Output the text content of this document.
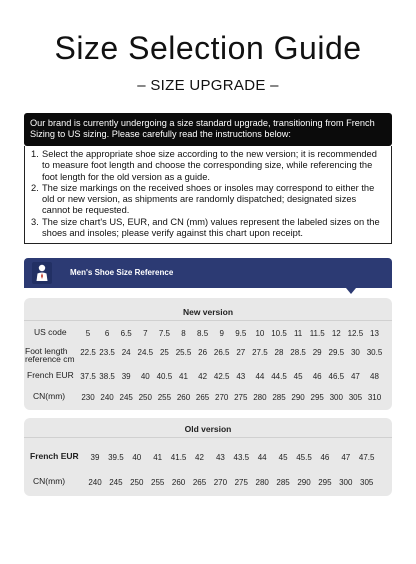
Size Selection Guide
– SIZE UPGRADE –
Our brand is currently undergoing a size standard upgrade, transitioning from French Sizing to US sizing. Please carefully read the instructions below:
1. Select the appropriate shoe size according to the new version; it is recommended to measure foot length and choose the corresponding size, while referencing the foot length for the old version as a guide.
2. The size markings on the received shoes or insoles may correspond to either the old or new version, as shipments are randomly dispatched; designated sizes cannot be requested.
3. The size chart's US, EUR, and CN (mm) values represent the labeled sizes on the shoes and insoles; please verify against this chart upon receipt.
Men's Shoe Size Reference
New version
US code	5	6	6.5	7	7.5	8	8.5	9	9.5	10 10.5 11 11.5 12 12.5 13
Foot length reference cm
22.5 23.5 24 24.5 25 25.5 26 26.5 27 27.5 28 28.5 29 29.5 30 30.5
French EUR 37.5 38.5 39	40 40.5 41	42 42.5 43	44 44.5 45	46 46.5 47	48
CN(mm) 230 240 245 250 255 260 265 270 275 280 285 290 295 300 305 310
Old version
French EUR	39	39.5	40	41	41.5	42	43	43.5	44	45	45.5	46	47	47.5
CN(mm)	240 245 250 255 260 265 270 275 280 285 290 295 300 305
